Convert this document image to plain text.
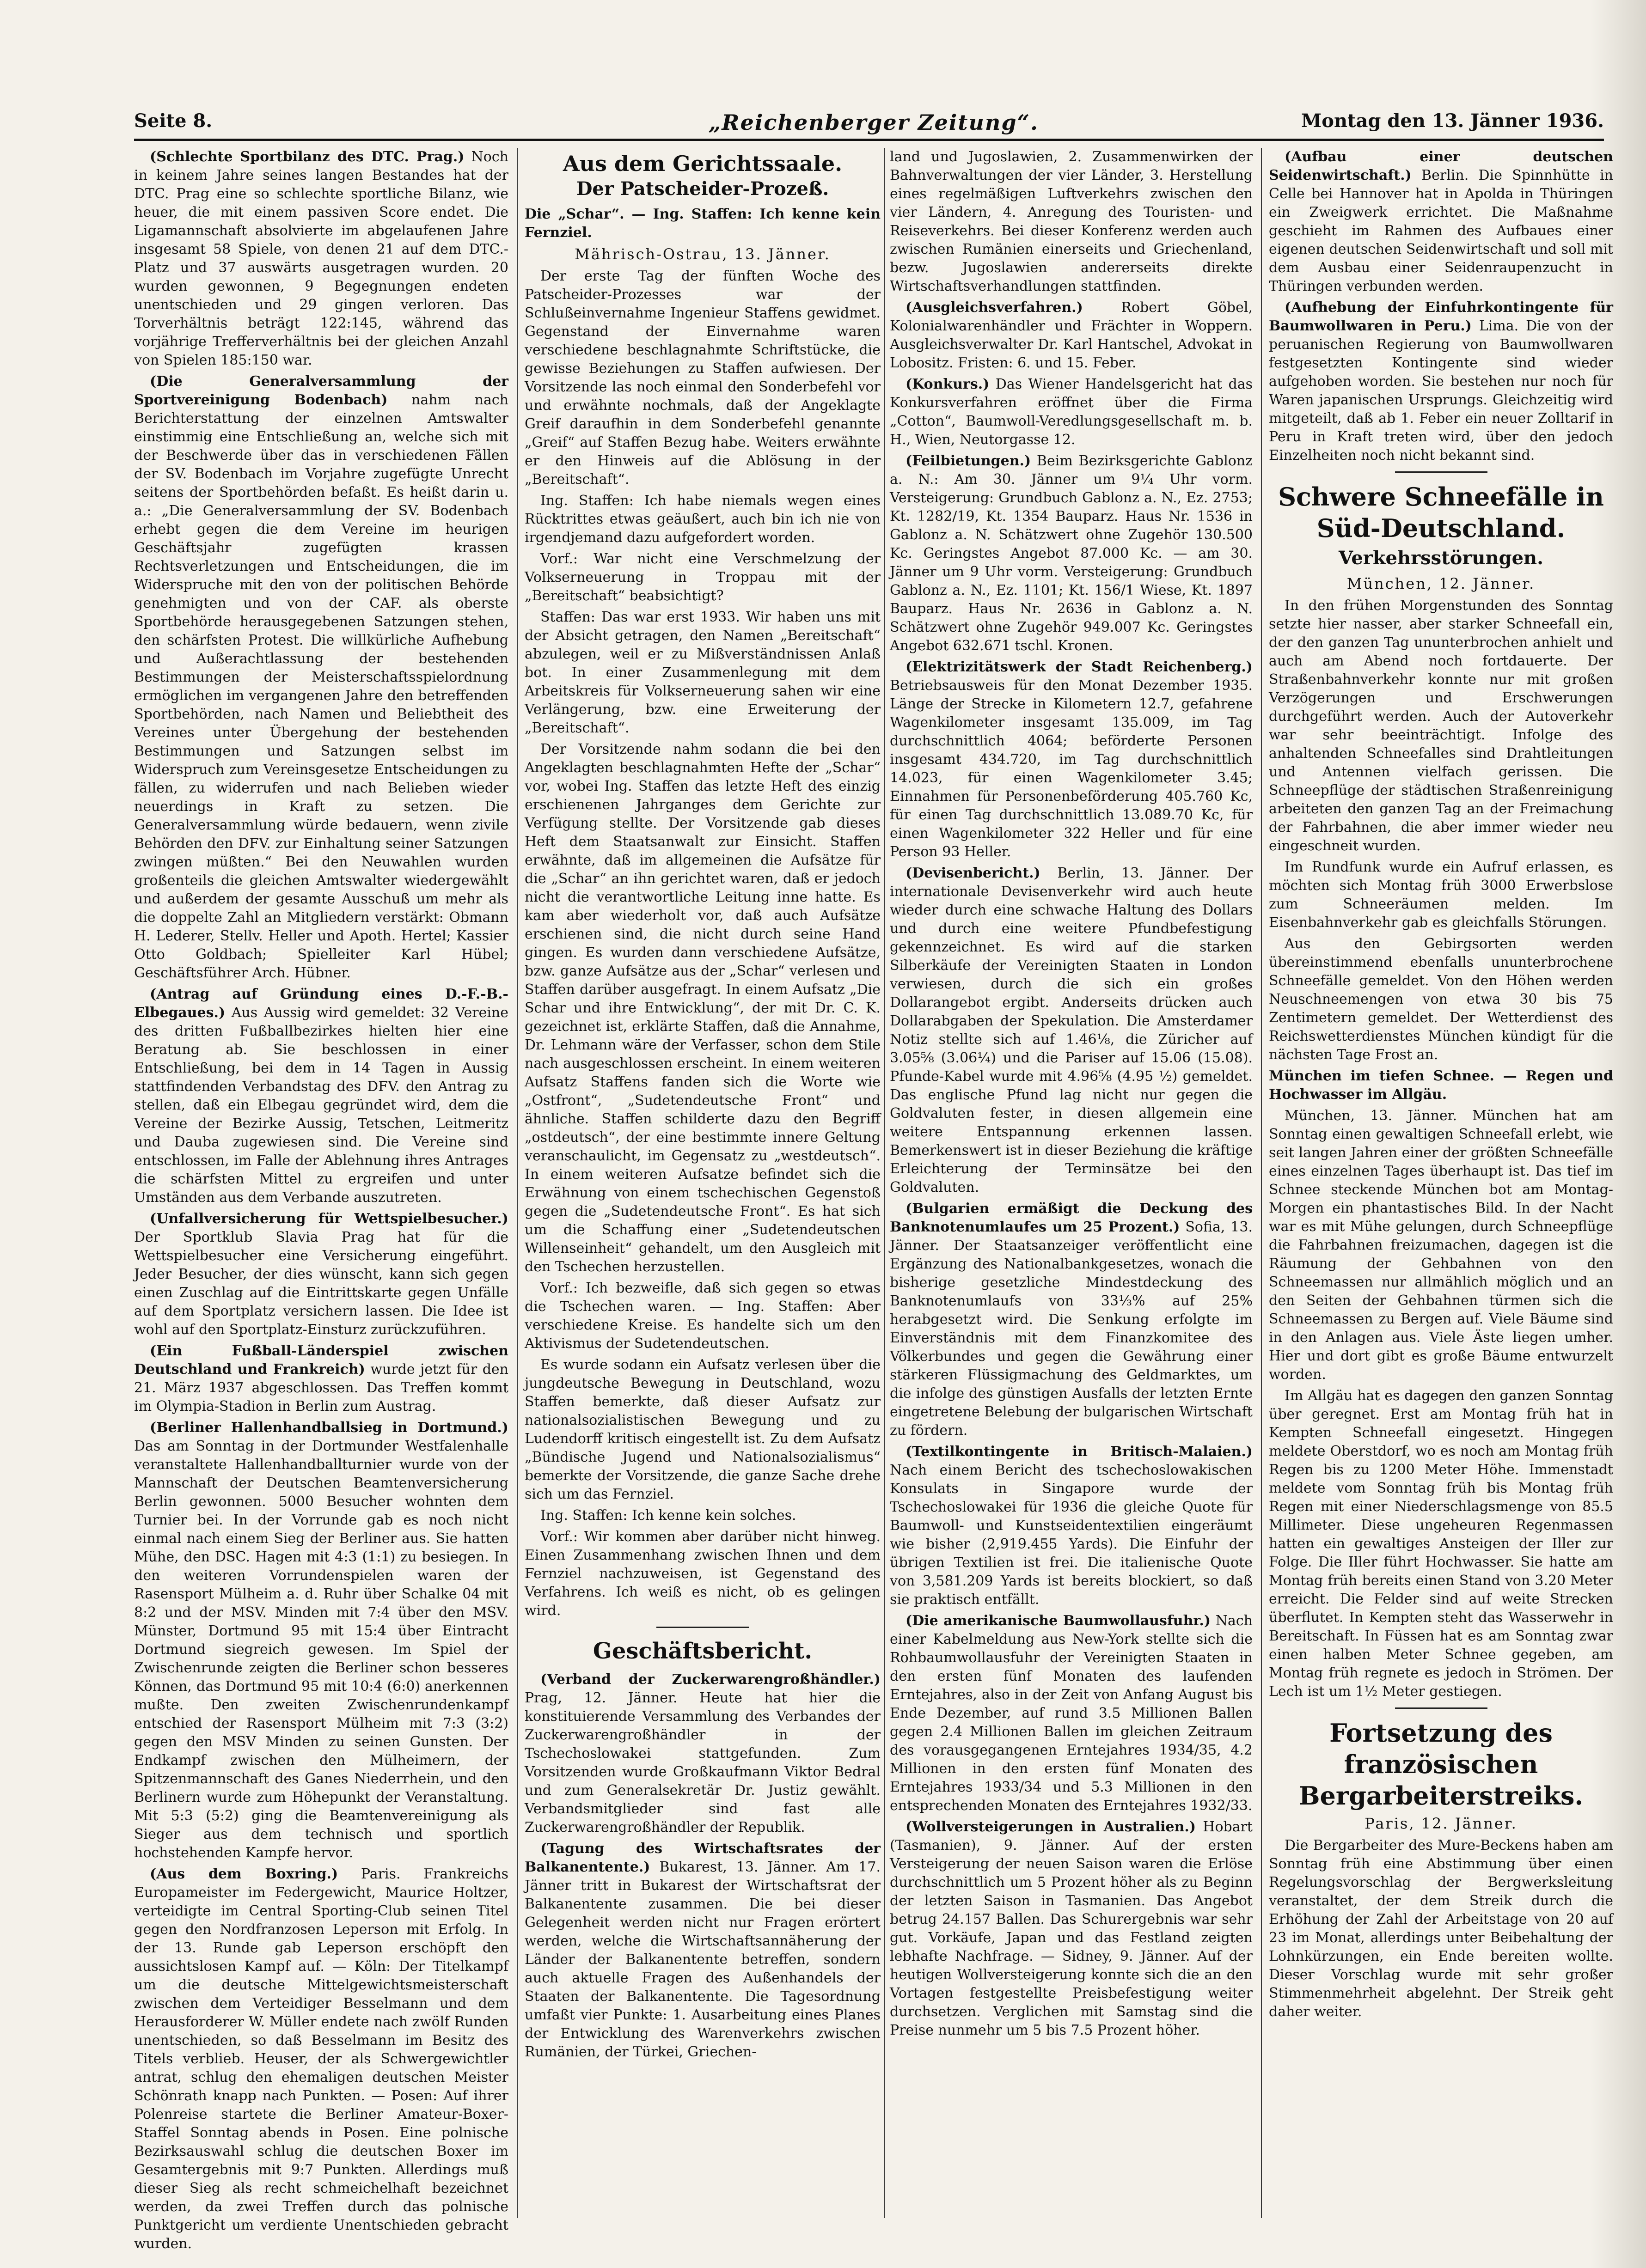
Seite 8.	„Reichenberger Zeitung“.	Montag den 13. Jänner 1936.

(Schlechte Sportbilanz des DTC. Prag.) Noch in keinem Jahre seines langen Bestandes hat der DTC. Prag eine so schlechte sportliche Bilanz, wie heuer, die mit einem passiven Score endet. Die Ligamannschaft absolvierte im abgelaufenen Jahre insgesamt 58 Spiele, von denen 21 auf dem DTC.-Platz und 37 auswärts ausgetragen wurden. 20 wurden gewonnen, 9 Begegnungen endeten unentschieden und 29 gingen verloren. Das Torverhältnis beträgt 122:145, während das vorjährige Trefferverhältnis bei der gleichen Anzahl von Spielen 185:150 war.

(Die Generalversammlung der Sportvereinigung Bodenbach) nahm nach Berichterstattung der einzelnen Amtswalter einstimmig eine Entschließung an, welche sich mit der Beschwerde über das in verschiedenen Fällen der SV. Bodenbach im Vorjahre zugefügte Unrecht seitens der Sportbehörden befaßt. Es heißt darin u. a.: „Die Generalversammlung der SV. Bodenbach erhebt gegen die dem Vereine im heurigen Geschäftsjahr zugefügten krassen Rechtsverletzungen und Entscheidungen, die im Widerspruche mit den von der politischen Behörde genehmigten und von der CAF. als oberste Sportbehörde herausgegebenen Satzungen stehen, den schärfsten Protest. Die willkürliche Aufhebung und Außerachtlassung der bestehenden Bestimmungen der Meisterschaftsspielordnung ermöglichen im vergangenen Jahre den betreffenden Sportbehörden, nach Namen und Beliebtheit des Vereines unter Übergehung der bestehenden Bestimmungen und Satzungen selbst im Widerspruch zum Vereinsgesetze Entscheidungen zu fällen, zu widerrufen und nach Belieben wieder neuerdings in Kraft zu setzen. Die Generalversammlung würde bedauern, wenn zivile Behörden den DFV. zur Einhaltung seiner Satzungen zwingen müßten.“ Bei den Neuwahlen wurden großenteils die gleichen Amtswalter wiedergewählt und außerdem der gesamte Ausschuß um mehr als die doppelte Zahl an Mitgliedern verstärkt: Obmann H. Lederer, Stellv. Heller und Apoth. Hertel; Kassier Otto Goldbach; Spielleiter Karl Hübel; Geschäftsführer Arch. Hübner.

(Antrag auf Gründung eines D.-F.-B.-Elbegaues.) Aus Aussig wird gemeldet: 32 Vereine des dritten Fußballbezirkes hielten hier eine Beratung ab. Sie beschlossen in einer Entschließung, bei dem in 14 Tagen in Aussig stattfindenden Verbandstag des DFV. den Antrag zu stellen, daß ein Elbegau gegründet wird, dem die Vereine der Bezirke Aussig, Tetschen, Leitmeritz und Dauba zugewiesen sind. Die Vereine sind entschlossen, im Falle der Ablehnung ihres Antrages die schärfsten Mittel zu ergreifen und unter Umständen aus dem Verbande auszutreten.

(Unfallversicherung für Wettspielbesucher.) Der Sportklub Slavia Prag hat für die Wettspielbesucher eine Versicherung eingeführt. Jeder Besucher, der dies wünscht, kann sich gegen einen Zuschlag auf die Eintrittskarte gegen Unfälle auf dem Sportplatz versichern lassen. Die Idee ist wohl auf den Sportplatz-Einsturz zurückzuführen.

(Ein Fußball-Länderspiel zwischen Deutschland und Frankreich) wurde jetzt für den 21. März 1937 abgeschlossen. Das Treffen kommt im Olympia-Stadion in Berlin zum Austrag.

(Berliner Hallenhandballsieg in Dortmund.) Das am Sonntag in der Dortmunder Westfalenhalle veranstaltete Hallenhandballturnier wurde von der Mannschaft der Deutschen Beamtenversicherung Berlin gewonnen. 5000 Besucher wohnten dem Turnier bei. In der Vorrunde gab es noch nicht einmal nach einem Sieg der Berliner aus. Sie hatten Mühe, den DSC. Hagen mit 4:3 (1:1) zu besiegen. In den weiteren Vorrundenspielen waren der Rasensport Mülheim a. d. Ruhr über Schalke 04 mit 8:2 und der MSV. Minden mit 7:4 über den MSV. Münster, Dortmund 95 mit 15:4 über Eintracht Dortmund siegreich gewesen. Im Spiel der Zwischenrunde zeigten die Berliner schon besseres Können, das Dortmund 95 mit 10:4 (6:0) anerkennen mußte. Den zweiten Zwischenrundenkampf entschied der Rasensport Mülheim mit 7:3 (3:2) gegen den MSV Minden zu seinen Gunsten. Der Endkampf zwischen den Mülheimern, der Spitzenmannschaft des Ganes Niederrhein, und den Berlinern wurde zum Höhepunkt der Veranstaltung. Mit 5:3 (5:2) ging die Beamtenvereinigung als Sieger aus dem technisch und sportlich hochstehenden Kampfe hervor.

(Aus dem Boxring.) Paris. Frankreichs Europameister im Federgewicht, Maurice Holtzer, verteidigte im Central Sporting-Club seinen Titel gegen den Nordfranzosen Leperson mit Erfolg. In der 13. Runde gab Leperson erschöpft den aussichtslosen Kampf auf. — Köln: Der Titelkampf um die deutsche Mittelgewichtsmeisterschaft zwischen dem Verteidiger Besselmann und dem Herausforderer W. Müller endete nach zwölf Runden unentschieden, so daß Besselmann im Besitz des Titels verblieb. Heuser, der als Schwergewichtler antrat, schlug den ehemaligen deutschen Meister Schönrath knapp nach Punkten. — Posen: Auf ihrer Polenreise startete die Berliner Amateur-Boxer-Staffel Sonntag abends in Posen. Eine polnische Bezirksauswahl schlug die deutschen Boxer im Gesamtergebnis mit 9:7 Punkten. Allerdings muß dieser Sieg als recht schmeichelhaft bezeichnet werden, da zwei Treffen durch das polnische Punktgericht um verdiente Unentschieden gebracht wurden.

Aus dem Gerichtssaale.
Der Patscheider-Prozeß.

Die „Schar“. — Ing. Staffen: Ich kenne kein Fernziel.

Mährisch-Ostrau, 13. Jänner.

Der erste Tag der fünften Woche des Patscheider-Prozesses war der Schlußeinvernahme Ingenieur Staffens gewidmet. Gegenstand der Einvernahme waren verschiedene beschlagnahmte Schriftstücke, die gewisse Beziehungen zu Staffen aufwiesen. Der Vorsitzende las noch einmal den Sonderbefehl vor und erwähnte nochmals, daß der Angeklagte Greif daraufhin in dem Sonderbefehl genannte „Greif“ auf Staffen Bezug habe. Weiters erwähnte er den Hinweis auf die Ablösung in der „Bereitschaft“.

Ing. Staffen: Ich habe niemals wegen eines Rücktrittes etwas geäußert, auch bin ich nie von irgendjemand dazu aufgefordert worden.

Vorf.: War nicht eine Verschmelzung der Volkserneuerung in Troppau mit der „Bereitschaft“ beabsichtigt?

Staffen: Das war erst 1933. Wir haben uns mit der Absicht getragen, den Namen „Bereitschaft“ abzulegen, weil er zu Mißverständnissen Anlaß bot. In einer Zusammenlegung mit dem Arbeitskreis für Volkserneuerung sahen wir eine Verlängerung, bzw. eine Erweiterung der „Bereitschaft“.

Der Vorsitzende nahm sodann die bei den Angeklagten beschlagnahmten Hefte der „Schar“ vor, wobei Ing. Staffen das letzte Heft des einzig erschienenen Jahrganges dem Gerichte zur Verfügung stellte. Der Vorsitzende gab dieses Heft dem Staatsanwalt zur Einsicht. Staffen erwähnte, daß im allgemeinen die Aufsätze für die „Schar“ an ihn gerichtet waren, daß er jedoch nicht die verantwortliche Leitung inne hatte. Es kam aber wiederholt vor, daß auch Aufsätze erschienen sind, die nicht durch seine Hand gingen. Es wurden dann verschiedene Aufsätze, bzw. ganze Aufsätze aus der „Schar“ verlesen und Staffen darüber ausgefragt. In einem Aufsatz „Die Schar und ihre Entwicklung“, der mit Dr. C. K. gezeichnet ist, erklärte Staffen, daß die Annahme, Dr. Lehmann wäre der Verfasser, schon dem Stile nach ausgeschlossen erscheint. In einem weiteren Aufsatz Staffens fanden sich die Worte wie „Ostfront“, „Sudetendeutsche Front“ und ähnliche. Staffen schilderte dazu den Begriff „ostdeutsch“, der eine bestimmte innere Geltung veranschaulicht, im Gegensatz zu „westdeutsch“. In einem weiteren Aufsatze befindet sich die Erwähnung von einem tschechischen Gegenstoß gegen die „Sudetendeutsche Front“. Es hat sich um die Schaffung einer „Sudetendeutschen Willenseinheit“ gehandelt, um den Ausgleich mit den Tschechen herzustellen.

Vorf.: Ich bezweifle, daß sich gegen so etwas die Tschechen waren. — Ing. Staffen: Aber verschiedene Kreise. Es handelte sich um den Aktivismus der Sudetendeutschen.

Es wurde sodann ein Aufsatz verlesen über die jungdeutsche Bewegung in Deutschland, wozu Staffen bemerkte, daß dieser Aufsatz zur nationalsozialistischen Bewegung und zu Ludendorff kritisch eingestellt ist. Zu dem Aufsatz „Bündische Jugend und Nationalsozialismus“ bemerkte der Vorsitzende, die ganze Sache drehe sich um das Fernziel.

Ing. Staffen: Ich kenne kein solches.

Vorf.: Wir kommen aber darüber nicht hinweg. Einen Zusammenhang zwischen Ihnen und dem Fernziel nachzuweisen, ist Gegenstand des Verfahrens. Ich weiß es nicht, ob es gelingen wird.

Geschäftsbericht.

(Verband der Zuckerwarengroßhändler.) Prag, 12. Jänner. Heute hat hier die konstituierende Versammlung des Verbandes der Zuckerwarengroßhändler in der Tschechoslowakei stattgefunden. Zum Vorsitzenden wurde Großkaufmann Viktor Bedral und zum Generalsekretär Dr. Justiz gewählt. Verbandsmitglieder sind fast alle Zuckerwarengroßhändler der Republik.

(Tagung des Wirtschaftsrates der Balkanentente.) Bukarest, 13. Jänner. Am 17. Jänner tritt in Bukarest der Wirtschaftsrat der Balkanentente zusammen. Die bei dieser Gelegenheit werden nicht nur Fragen erörtert werden, welche die Wirtschaftsannäherung der Länder der Balkanentente betreffen, sondern auch aktuelle Fragen des Außenhandels der Staaten der Balkanentente. Die Tagesordnung umfaßt vier Punkte: 1. Ausarbeitung eines Planes der Entwicklung des Warenverkehrs zwischen Rumänien, der Türkei, Griechen-

land und Jugoslawien, 2. Zusammenwirken der Bahnverwaltungen der vier Länder, 3. Herstellung eines regelmäßigen Luftverkehrs zwischen den vier Ländern, 4. Anregung des Touristen- und Reiseverkehrs. Bei dieser Konferenz werden auch zwischen Rumänien einerseits und Griechenland, bezw. Jugoslawien andererseits direkte Wirtschaftsverhandlungen stattfinden.

(Ausgleichsverfahren.)	Robert Göbel, Kolonialwarenhändler und Frächter in Woppern. Ausgleichsverwalter Dr. Karl Hantschel, Advokat in Lobositz. Fristen: 6. und 15. Feber.

(Konkurs.) Das Wiener Handelsgericht hat das Konkursverfahren eröffnet über die Firma „Cotton“, Baumwoll-Veredlungsgesellschaft m. b. H., Wien, Neutorgasse 12.

(Feilbietungen.) Beim Bezirksgerichte Gablonz a. N.: Am 30. Jänner um 9¼ Uhr vorm. Versteigerung: Grundbuch Gablonz a. N., Ez. 2753; Kt. 1282/19, Kt. 1354 Bauparz. Haus Nr. 1536 in Gablonz a. N. Schätzwert ohne Zugehör 130.500 Kc. Geringstes Angebot 87.000 Kc. — am 30. Jänner um 9 Uhr vorm. Versteigerung: Grundbuch Gablonz a. N., Ez. 1101; Kt. 156/1 Wiese, Kt. 1897 Bauparz. Haus Nr. 2636 in Gablonz a. N. Schätzwert ohne Zugehör 949.007 Kc. Geringstes Angebot 632.671 tschl. Kronen.

(Elektrizitätswerk der Stadt Reichenberg.) Betriebsausweis für den Monat Dezember 1935. Länge der Strecke in Kilometern 12.7, gefahrene Wagenkilometer insgesamt 135.009, im Tag durchschnittlich 4064; beförderte Personen insgesamt 434.720, im Tag durchschnittlich 14.023, für einen Wagenkilometer 3.45; Einnahmen für Personenbeförderung 405.760 Kc, für einen Tag durchschnittlich 13.089.70 Kc, für einen Wagenkilometer 322 Heller und für eine Person 93 Heller.

(Devisenbericht.) Berlin, 13. Jänner. Der internationale Devisenverkehr wird auch heute wieder durch eine schwache Haltung des Dollars und durch eine weitere Pfundbefestigung gekennzeichnet. Es wird auf die starken Silberkäufe der Vereinigten Staaten in London verwiesen, durch die sich ein großes Dollarangebot ergibt. Anderseits drücken auch Dollarabgaben der Spekulation. Die Amsterdamer Notiz stellte sich auf 1.46⅛, die Züricher auf 3.05⅝ (3.06¼) und die Pariser auf 15.06 (15.08). Pfunde-Kabel wurde mit 4.96⅝ (4.95 ½) gemeldet. Das englische Pfund lag nicht nur gegen die Goldvaluten fester, in diesen allgemein eine weitere Entspannung erkennen lassen. Bemerkenswert ist in dieser Beziehung die kräftige Erleichterung der Terminsätze bei den Goldvaluten.

(Bulgarien ermäßigt die Deckung des Banknotenumlaufes um 25 Prozent.) Sofia, 13. Jänner. Der Staatsanzeiger veröffentlicht eine Ergänzung des Nationalbankgesetzes, wonach die bisherige gesetzliche Mindestdeckung des Banknotenumlaufs von 33⅓% auf 25% herabgesetzt wird. Die Senkung erfolgte im Einverständnis mit dem Finanzkomitee des Völkerbundes und gegen die Gewährung einer stärkeren Flüssigmachung des Geldmarktes, um die infolge des günstigen Ausfalls der letzten Ernte eingetretene Belebung der bulgarischen Wirtschaft zu fördern.

(Textilkontingente in Britisch-Malaien.) Nach einem Bericht des tschechoslowakischen Konsulats in Singapore wurde der Tschechoslowakei für 1936 die gleiche Quote für Baumwoll- und Kunstseidentextilien eingeräumt wie bisher (2,919.455 Yards). Die Einfuhr der übrigen Textilien ist frei. Die italienische Quote von 3,581.209 Yards ist bereits blockiert, so daß sie praktisch entfällt.

(Die amerikanische Baumwollausfuhr.) Nach einer Kabelmeldung aus New-York stellte sich die Rohbaumwollausfuhr der Vereinigten Staaten in den ersten fünf Monaten des laufenden Erntejahres, also in der Zeit von Anfang August bis Ende Dezember, auf rund 3.5 Millionen Ballen gegen 2.4 Millionen Ballen im gleichen Zeitraum des vorausgegangenen Erntejahres 1934/35, 4.2 Millionen in den ersten fünf Monaten des Erntejahres 1933/34 und 5.3 Millionen in den entsprechenden Monaten des Erntejahres 1932/33.

(Wollversteigerungen in Australien.) Hobart (Tasmanien), 9. Jänner. Auf der ersten Versteigerung der neuen Saison waren die Erlöse durchschnittlich um 5 Prozent höher als zu Beginn der letzten Saison in Tasmanien. Das Angebot betrug 24.157 Ballen. Das Schurergebnis war sehr gut. Vorkäufe, Japan und das Festland zeigten lebhafte Nachfrage. — Sidney, 9. Jänner. Auf der heutigen Wollversteigerung konnte sich die an den Vortagen festgestellte Preisbefestigung weiter durchsetzen. Verglichen mit Samstag sind die Preise nunmehr um 5 bis 7.5 Prozent höher.

(Aufbau einer deutschen Seidenwirtschaft.) Berlin. Die Spinnhütte in Celle bei Hannover hat in Apolda in Thüringen ein Zweigwerk errichtet. Die Maßnahme geschieht im Rahmen des Aufbaues einer eigenen deutschen Seidenwirtschaft und soll mit dem Ausbau einer Seidenraupenzucht in Thüringen verbunden werden.

(Aufhebung der Einfuhrkontingente für Baumwollwaren in Peru.) Lima. Die von der peruanischen Regierung von Baumwollwaren festgesetzten Kontingente sind wieder aufgehoben worden. Sie bestehen nur noch für Waren japanischen Ursprungs. Gleichzeitig wird mitgeteilt, daß ab 1. Feber ein neuer Zolltarif in Peru in Kraft treten wird, über den jedoch Einzelheiten noch nicht bekannt sind.

Schwere Schneefälle in Süd-Deutschland.
Verkehrsstörungen.
München, 12. Jänner.

In den frühen Morgenstunden des Sonntag setzte hier nasser, aber starker Schneefall ein, der den ganzen Tag ununterbrochen anhielt und auch am Abend noch fortdauerte. Der Straßenbahnverkehr konnte nur mit großen Verzögerungen und Erschwerungen durchgeführt werden. Auch der Autoverkehr war sehr beeinträchtigt. Infolge des anhaltenden Schneefalles sind Drahtleitungen und Antennen vielfach gerissen. Die Schneepflüge der städtischen Straßenreinigung arbeiteten den ganzen Tag an der Freimachung der Fahrbahnen, die aber immer wieder neu eingeschneit wurden.

Im Rundfunk wurde ein Aufruf erlassen, es möchten sich Montag früh 3000 Erwerbslose zum Schneeräumen melden. Im Eisenbahnverkehr gab es gleichfalls Störungen.

Aus den Gebirgsorten werden übereinstimmend ebenfalls ununterbrochene Schneefälle gemeldet. Von den Höhen werden Neuschneemengen von etwa 30 bis 75 Zentimetern gemeldet. Der Wetterdienst des Reichswetterdienstes München kündigt für die nächsten Tage Frost an.

München im tiefen Schnee. — Regen und Hochwasser im Allgäu.

München, 13. Jänner. München hat am Sonntag einen gewaltigen Schneefall erlebt, wie seit langen Jahren einer der größten Schneefälle eines einzelnen Tages überhaupt ist. Das tief im Schnee steckende München bot am Montag-Morgen ein phantastisches Bild. In der Nacht war es mit Mühe gelungen, durch Schneepflüge die Fahrbahnen freizumachen, dagegen ist die Räumung der Gehbahnen von den Schneemassen nur allmählich möglich und an den Seiten der Gehbahnen türmen sich die Schneemassen zu Bergen auf. Viele Bäume sind in den Anlagen aus. Viele Äste liegen umher. Hier und dort gibt es große Bäume entwurzelt worden.

Im Allgäu hat es dagegen den ganzen Sonntag über geregnet. Erst am Montag früh hat in Kempten Schneefall eingesetzt. Hingegen meldete Oberstdorf, wo es noch am Montag früh Regen bis zu 1200 Meter Höhe. Immenstadt meldete vom Sonntag früh bis Montag früh Regen mit einer Niederschlagsmenge von 85.5 Millimeter. Diese ungeheuren Regenmassen hatten ein gewaltiges Ansteigen der Iller zur Folge. Die Iller führt Hochwasser. Sie hatte am Montag früh bereits einen Stand von 3.20 Meter erreicht. Die Felder sind auf weite Strecken überflutet. In Kempten steht das Wasserwehr in Bereitschaft. In Füssen hat es am Sonntag zwar einen halben Meter Schnee gegeben, am Montag früh regnete es jedoch in Strömen. Der Lech ist um 1½ Meter gestiegen.

Fortsetzung des französischen Bergarbeiterstreiks.
Paris, 12. Jänner.

Die Bergarbeiter des Mure-Beckens haben am Sonntag früh eine Abstimmung über einen Regelungsvorschlag der Bergwerksleitung veranstaltet, der dem Streik durch die Erhöhung der Zahl der Arbeitstage von 20 auf 23 im Monat, allerdings unter Beibehaltung der Lohnkürzungen, ein Ende bereiten wollte. Dieser Vorschlag wurde mit sehr großer Stimmenmehrheit abgelehnt. Der Streik geht daher weiter.
